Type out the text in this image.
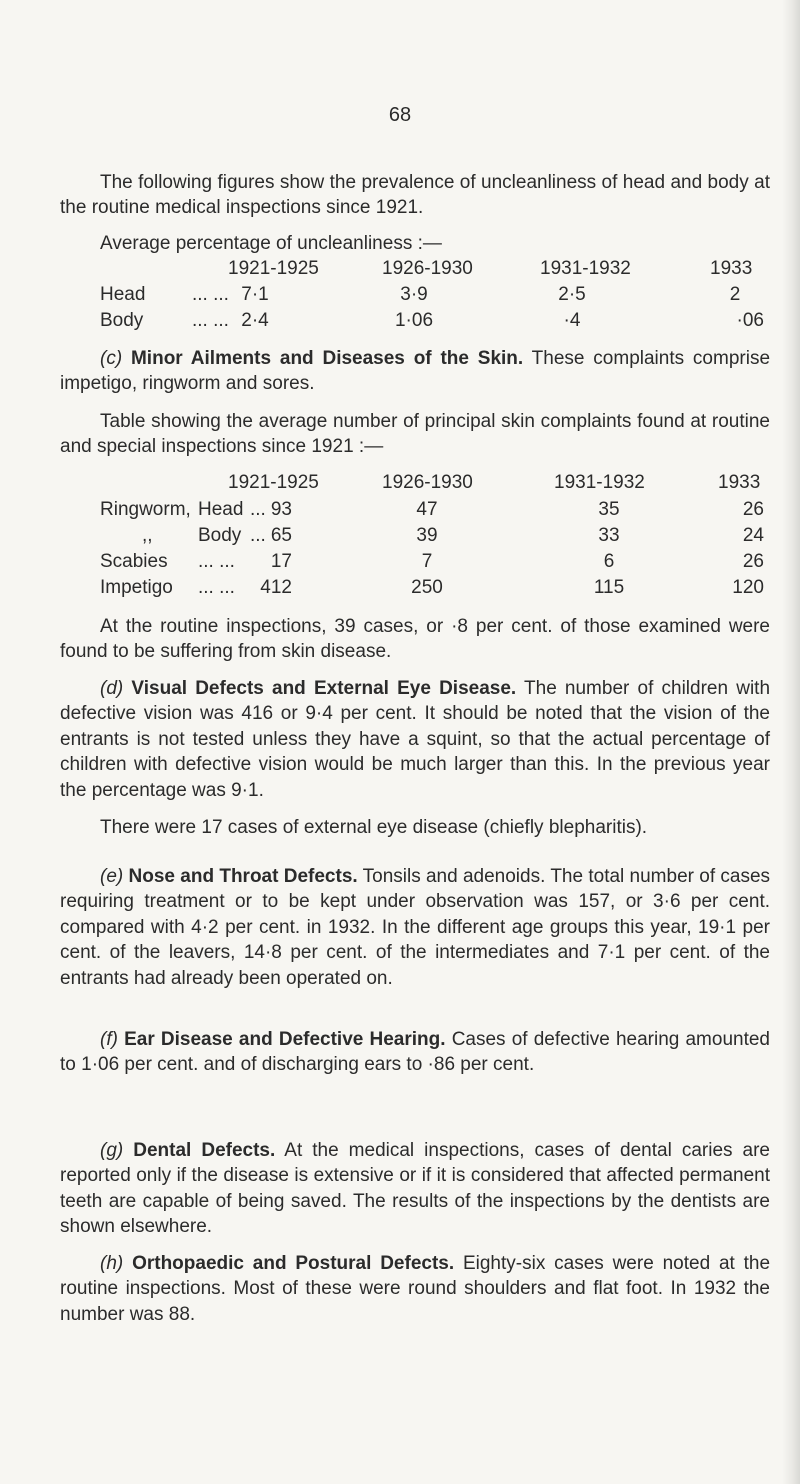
68

The following figures show the prevalence of uncleanliness of head and body at the routine medical inspections since 1921.

Average percentage of uncleanliness :—
1921-1925	1926-1930	1931-1932	1933
Head ... ... 7·1	3·9	2·5	2
Body	... ... 2·4	1·06	·4	·06

(c) Minor Ailments and Diseases of the Skin. These complaints comprise impetigo, ringworm and sores.

Table showing the average number of principal skin complaints found at routine and special inspections since 1921 :—

1921-1925	1926-1930	1931-1932	1933
Ringworm, Head ... 93	47	35	26
,, Body ... 65	39	33	24
Scabies ... ...	17	7	6	26
Impetigo ... ...	412	250	115	120

At the routine inspections, 39 cases, or ·8 per cent. of those examined were found to be suffering from skin disease.

(d) Visual Defects and External Eye Disease. The number of children with defective vision was 416 or 9·4 per cent. It should be noted that the vision of the entrants is not tested unless they have a squint, so that the actual percentage of children with defective vision would be much larger than this. In the previous year the percentage was 9·1.

There were 17 cases of external eye disease (chiefly blepharitis).

(e) Nose and Throat Defects. Tonsils and adenoids. The total number of cases requiring treatment or to be kept under observation was 157, or 3·6 per cent. compared with 4·2 per cent. in 1932. In the different age groups this year, 19·1 per cent. of the leavers, 14·8 per cent. of the intermediates and 7·1 per cent. of the entrants had already been operated on.

(f) Ear Disease and Defective Hearing. Cases of defective hearing amounted to 1·06 per cent. and of discharging ears to ·86 per cent.

(g) Dental Defects. At the medical inspections, cases of dental caries are reported only if the disease is extensive or if it is considered that affected permanent teeth are capable of being saved. The results of the inspections by the dentists are shown elsewhere.

(h) Orthopaedic and Postural Defects. Eighty-six cases were noted at the routine inspections. Most of these were round shoulders and flat foot. In 1932 the number was 88.
